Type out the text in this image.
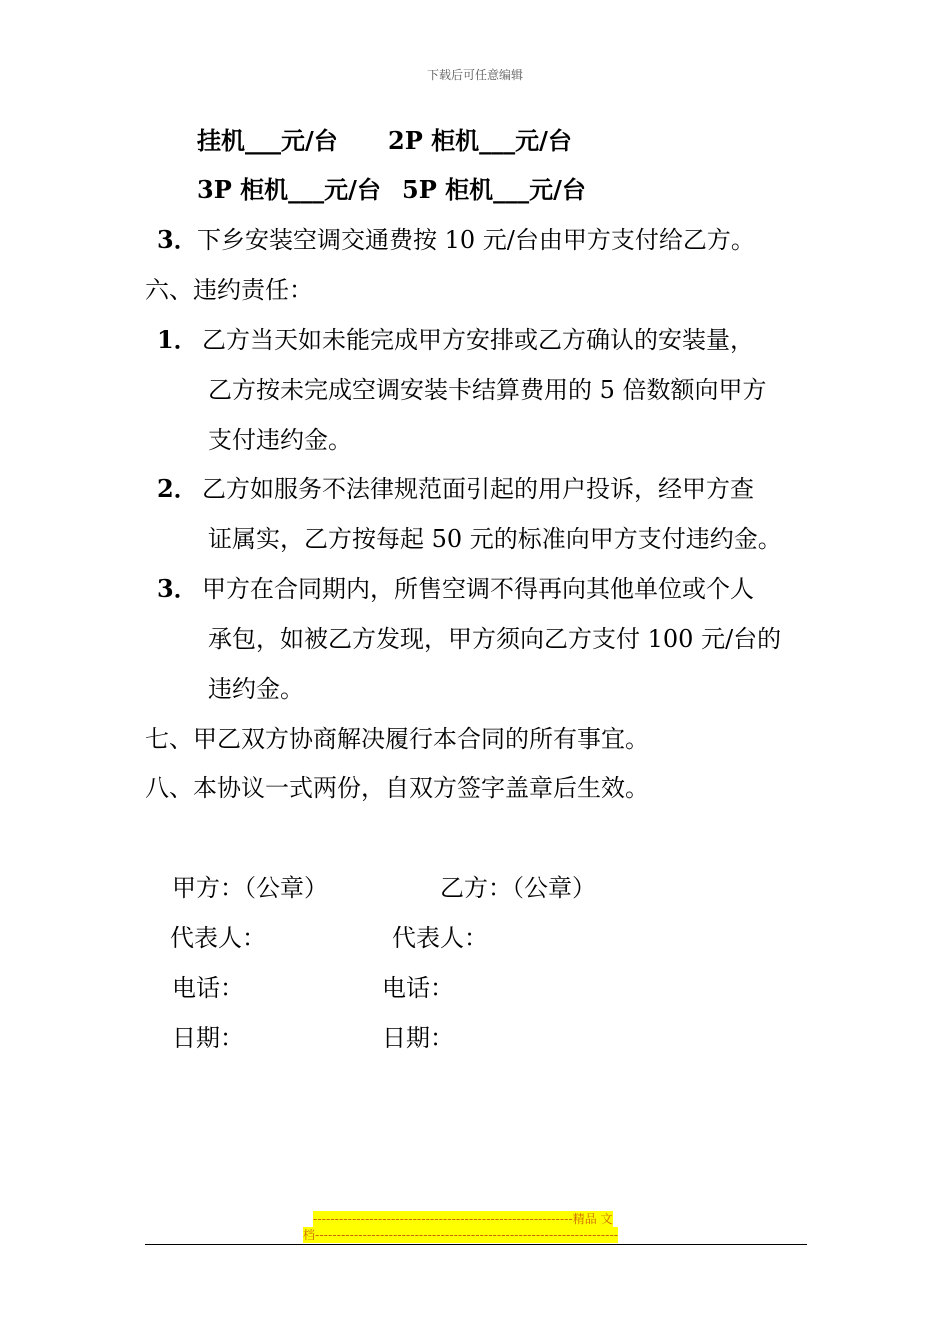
下载后可任意编辑
挂机___元/台 2P 柜机___元/台
3P 柜机___元/台 5P 柜机___元/台
3． 下乡安装空调交通费按 10 元/台由甲方支付给乙方。
六、违约责任：
1． 乙方当天如未能完成甲方安排或乙方确认的安装量，
乙方按未完成空调安装卡结算费用的 5 倍数额向甲方
支付违约金。
2． 乙方如服务不法律规范面引起的用户投诉，经甲方查
证属实，乙方按每起 50 元的标准向甲方支付违约金。
3． 甲方在合同期内，所售空调不得再向其他单位或个人
承包，如被乙方发现，甲方须向乙方支付 100 元/台的
违约金。
七、甲乙双方协商解决履行本合同的所有事宜。
八、本协议一式两份，自双方签字盖章后生效。
甲方：（公章）	乙方：（公章）
代表人：	代表人：
电话：	电话：
日期：	日期：
------------------------------------------------------------精品 文
档----------------------------------------------------------------------
